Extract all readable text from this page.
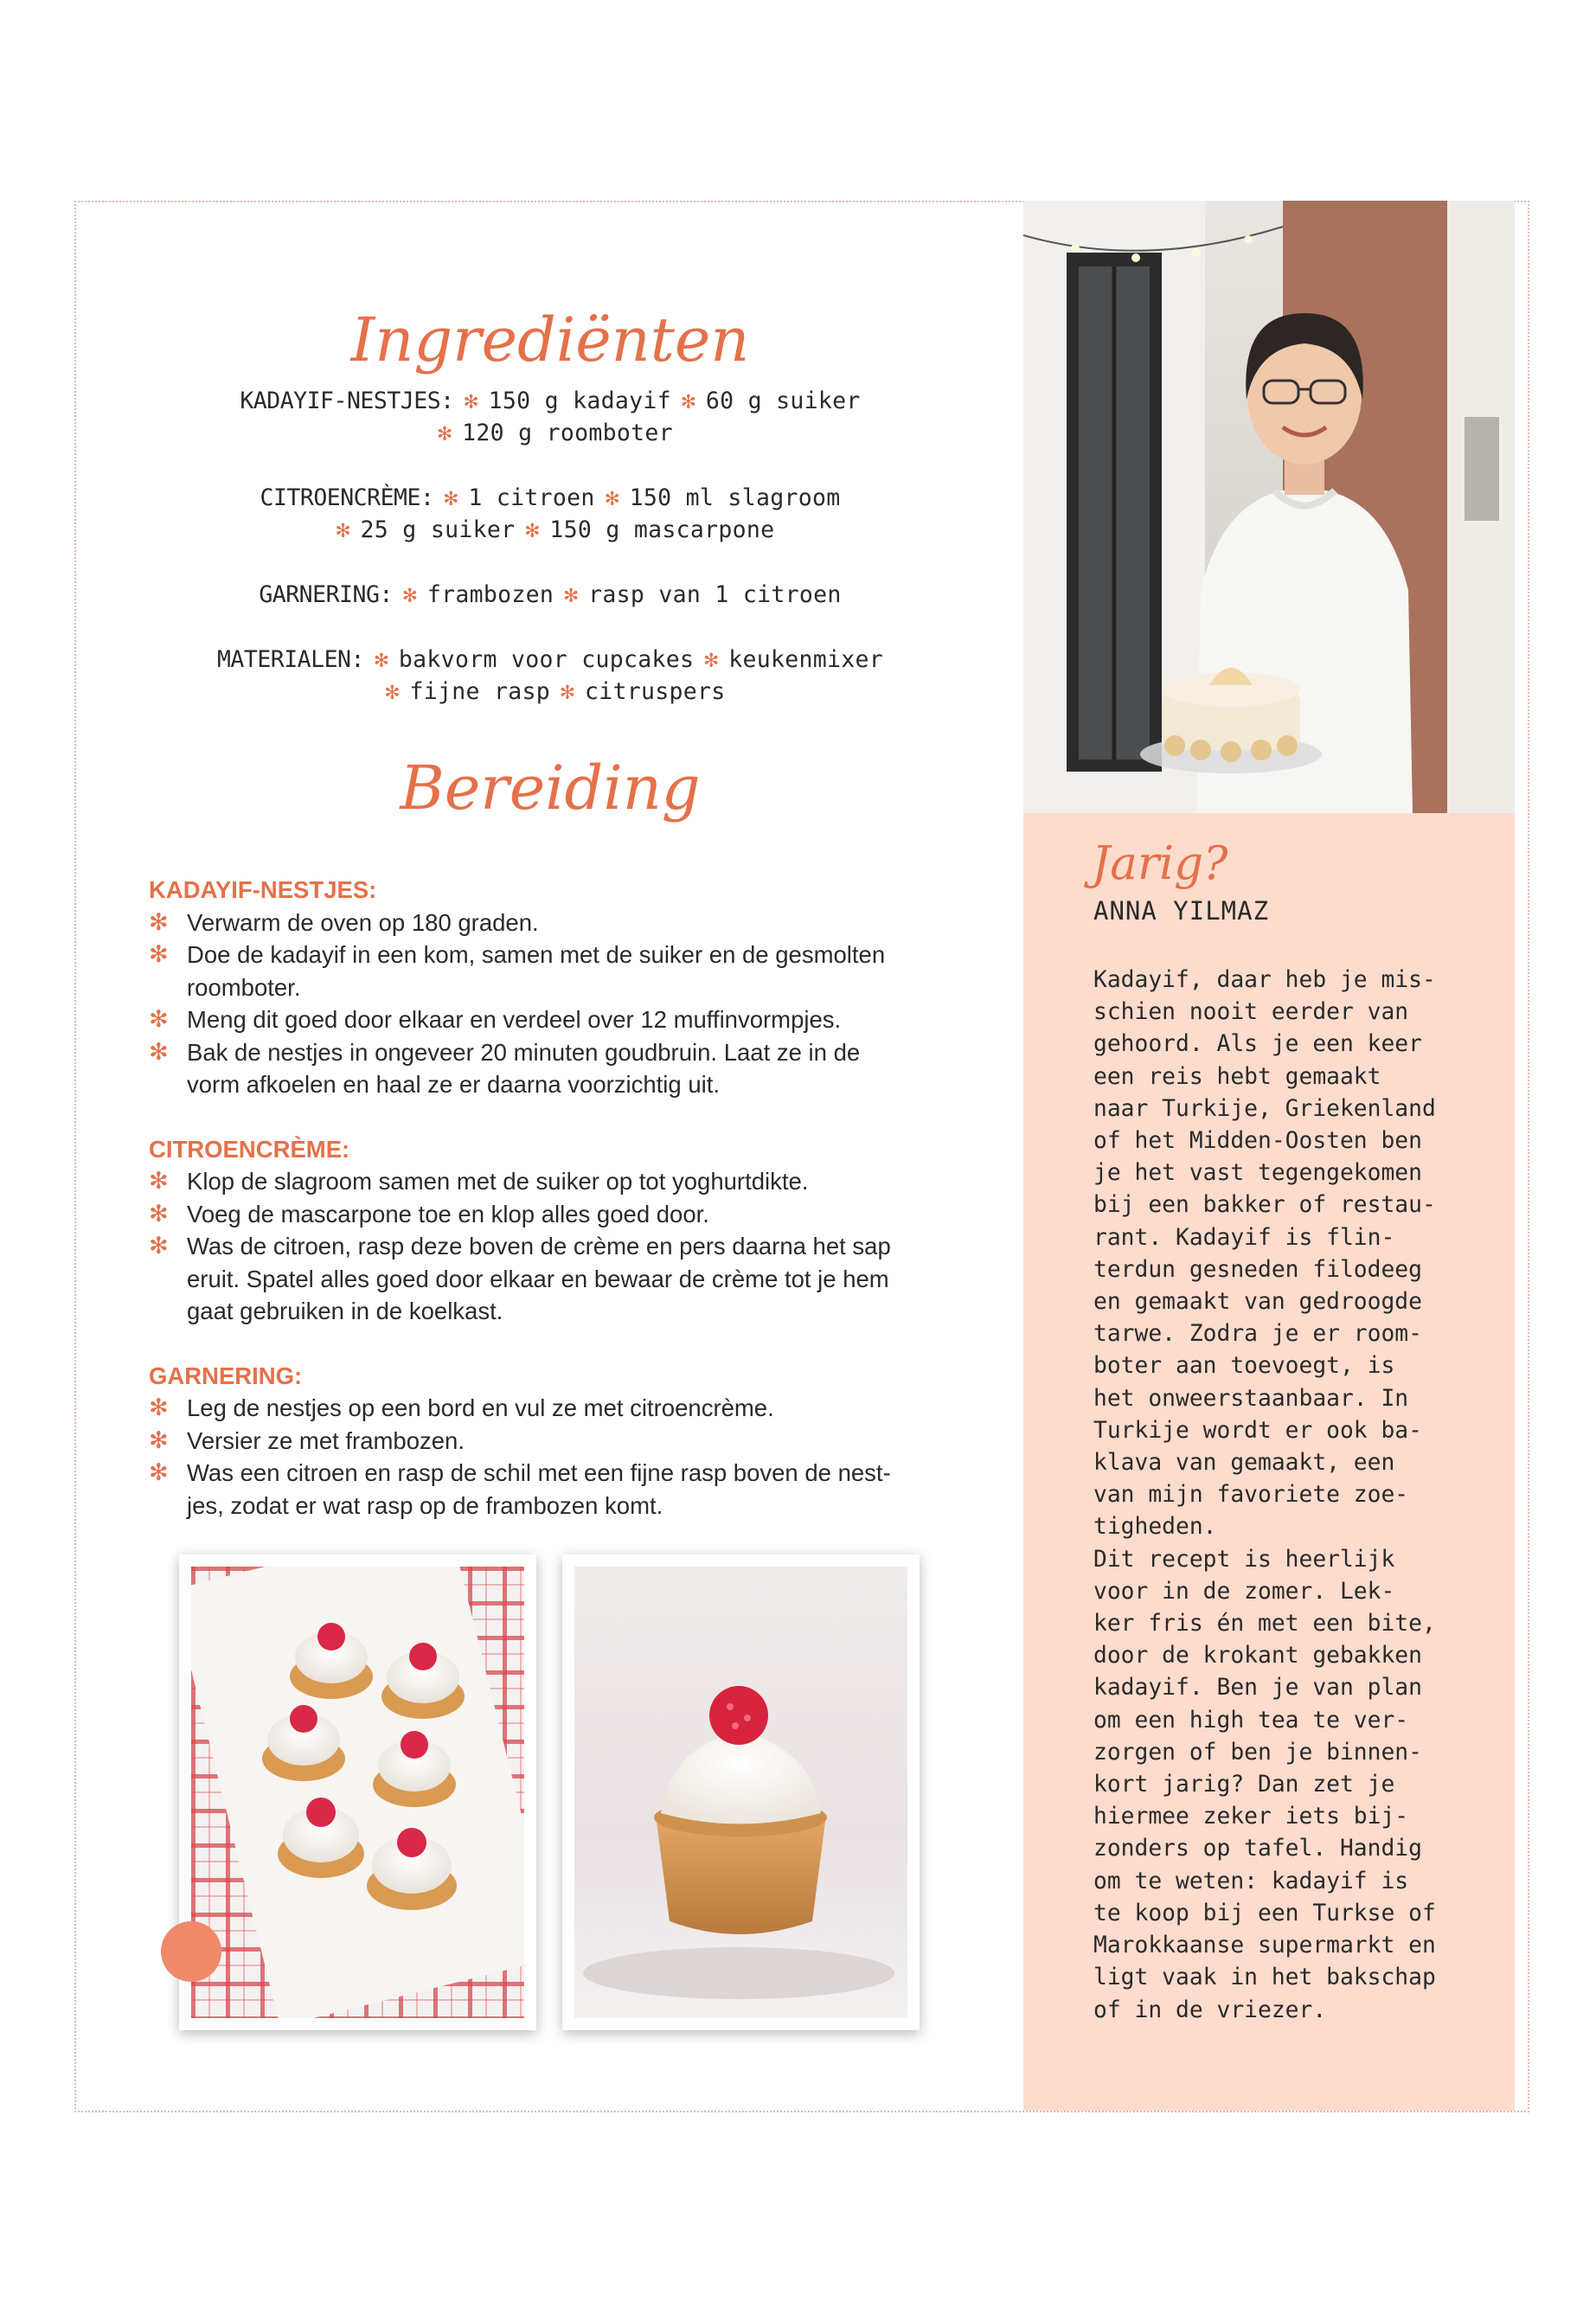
Ingrediënten
KADAYIF-NESTJES: ✻ 150 g kadayif ✻ 60 g suiker
✻ 120 g roomboter
CITROENCRÈME: ✻ 1 citroen ✻ 150 ml slagroom
✻ 25 g suiker ✻ 150 g mascarpone
GARNERING: ✻ frambozen ✻ rasp van 1 citroen
MATERIALEN: ✻ bakvorm voor cupcakes ✻ keukenmixer
✻ fijne rasp ✻ citruspers
Bereiding
KADAYIF-NESTJES:
✻ Verwarm de oven op 180 graden.
✻ Doe de kadayif in een kom, samen met de suiker en de gesmolten
roomboter.
✻ Meng dit goed door elkaar en verdeel over 12 muffinvormpjes.
✻ Bak de nestjes in ongeveer 20 minuten goudbruin. Laat ze in de
vorm afkoelen en haal ze er daarna voorzichtig uit.
CITROENCRÈME:
✻ Klop de slagroom samen met de suiker op tot yoghurtdikte.
✻ Voeg de mascarpone toe en klop alles goed door.
✻ Was de citroen, rasp deze boven de crème en pers daarna het sap
eruit. Spatel alles goed door elkaar en bewaar de crème tot je hem
gaat gebruiken in de koelkast.
GARNERING:
✻ Leg de nestjes op een bord en vul ze met citroencrème.
✻ Versier ze met frambozen.
✻ Was een citroen en rasp de schil met een fijne rasp boven de nest-
jes, zodat er wat rasp op de frambozen komt.
Jarig?
ANNA YILMAZ
Kadayif, daar heb je mis-
schien nooit eerder van
gehoord. Als je een keer
een reis hebt gemaakt
naar Turkije, Griekenland
of het Midden-Oosten ben
je het vast tegengekomen
bij een bakker of restau-
rant. Kadayif is flin-
terdun gesneden filodeeg
en gemaakt van gedroogde
tarwe. Zodra je er room-
boter aan toevoegt, is
het onweerstaanbaar. In
Turkije wordt er ook ba-
klava van gemaakt, een
van mijn favoriete zoe-
tigheden.
Dit recept is heerlijk
voor in de zomer. Lek-
ker fris én met een bite,
door de krokant gebakken
kadayif. Ben je van plan
om een high tea te ver-
zorgen of ben je binnen-
kort jarig? Dan zet je
hiermee zeker iets bij-
zonders op tafel. Handig
om te weten: kadayif is
te koop bij een Turkse of
Marokkaanse supermarkt en
ligt vaak in het bakschap
of in de vriezer.
